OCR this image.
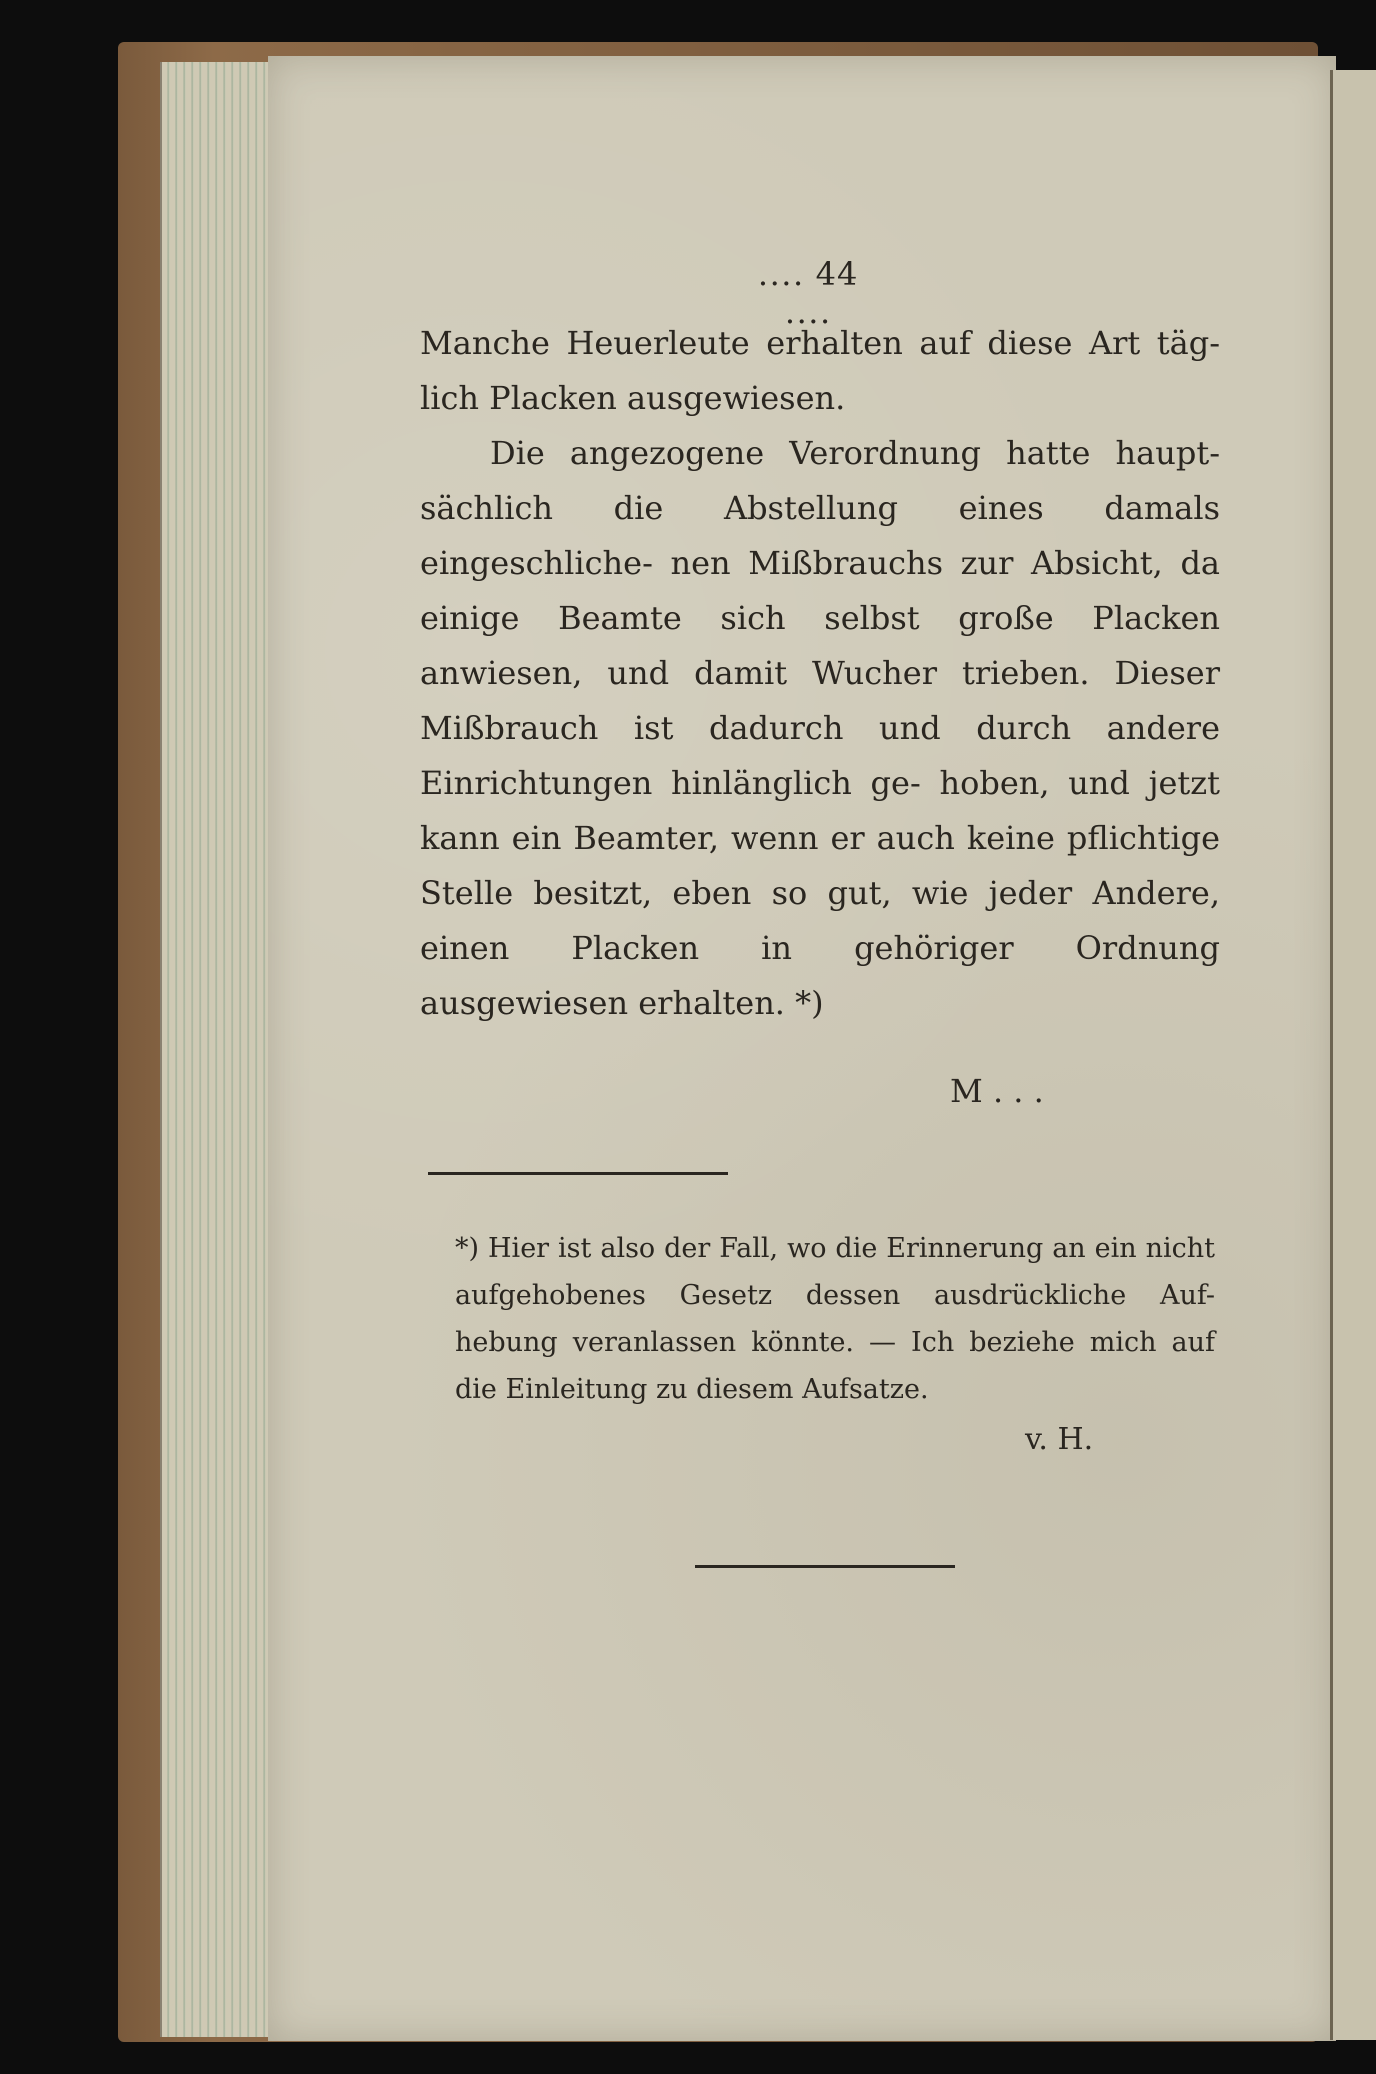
․․․․ 44 ․․․․

Manche Heuerleute erhalten auf diese Art täg- lich Placken ausgewiesen.

Die angezogene Verordnung hatte haupt- sächlich die Abstellung eines damals eingeschliche- nen Mißbrauchs zur Absicht, da einige Beamte sich selbst große Placken anwiesen, und damit Wucher trieben. Dieser Mißbrauch ist dadurch und durch andere Einrichtungen hinlänglich ge- hoben, und jetzt kann ein Beamter, wenn er auch keine pflichtige Stelle besitzt, eben so gut, wie jeder Andere, einen Placken in gehöriger Ordnung ausgewiesen erhalten. *)

M . . .

*) Hier ist also der Fall, wo die Erinnerung an ein nicht aufgehobenes Gesetz dessen ausdrückliche Auf- hebung veranlassen könnte. — Ich beziehe mich auf die Einleitung zu diesem Aufsatze.

v. H.
